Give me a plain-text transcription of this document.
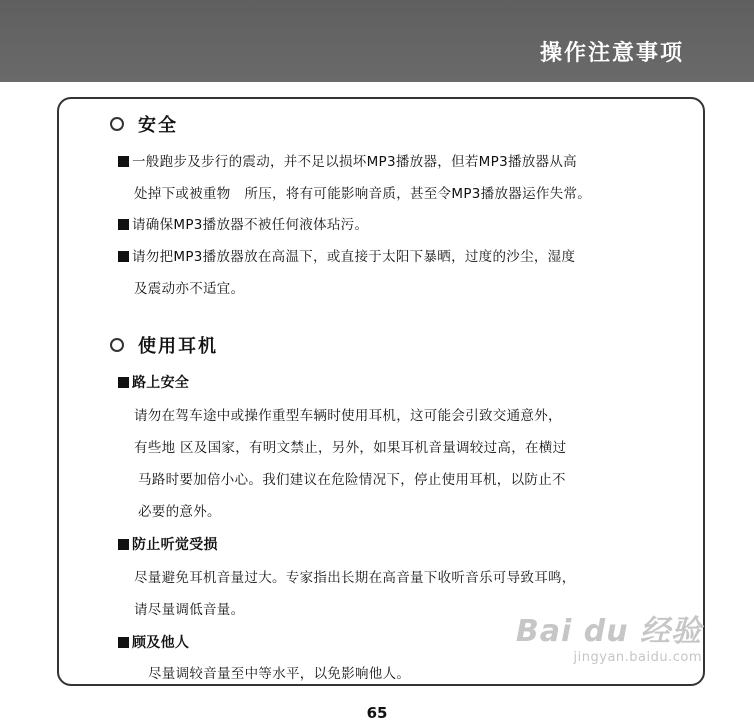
操作注意事项
安全
一般跑步及步行的震动，并不足以损坏MP3播放器，但若MP3播放器从高
处掉下或被重物　所压，将有可能影响音质，甚至令MP3播放器运作失常。
请确保MP3播放器不被任何液体玷污。
请勿把MP3播放器放在高温下，或直接于太阳下暴晒，过度的沙尘，湿度
及震动亦不适宜。
使用耳机
路上安全
请勿在驾车途中或操作重型车辆时使用耳机，这可能会引致交通意外，
有些地 区及国家，有明文禁止，另外，如果耳机音量调较过高，在横过
马路时要加倍小心。我们建议在危险情况下，停止使用耳机，以防止不
必要的意外。
防止听觉受损
尽量避免耳机音量过大。专家指出长期在高音量下收听音乐可导致耳鸣，
请尽量调低音量。
顾及他人
尽量调较音量至中等水平，以免影响他人。
Bai du 经验
jingyan.baidu.com
65
